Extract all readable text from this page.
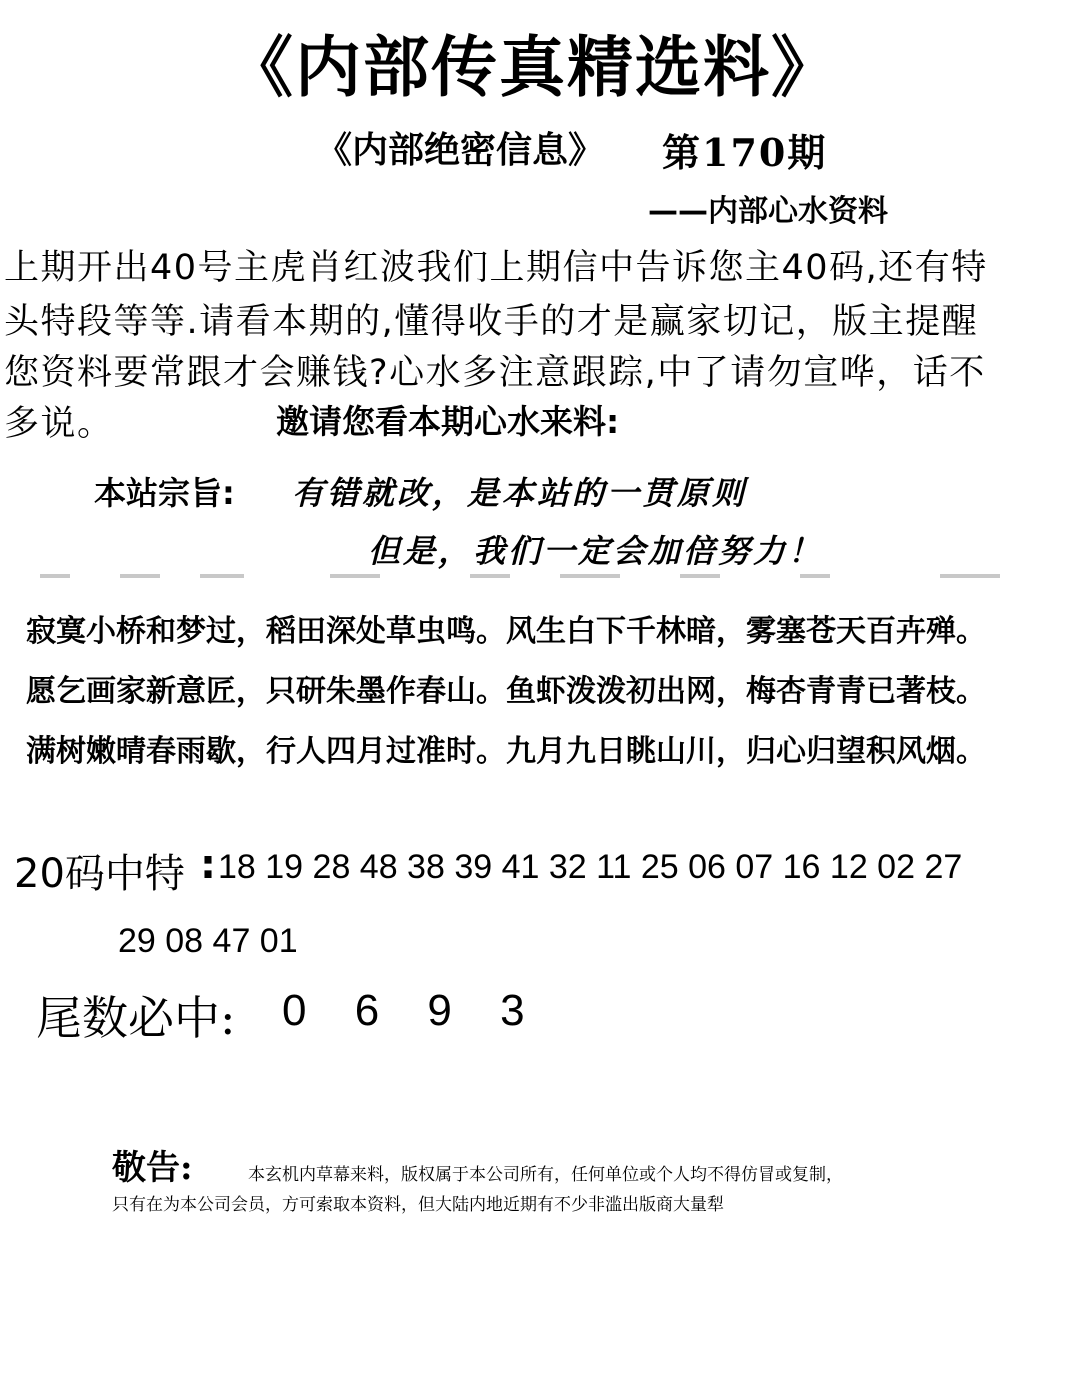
《内部传真精选料》
《内部绝密信息》 第170期
——内部心水资料
上期开出40号主虎肖红波我们上期信中告诉您主40码,还有特
头特段等等.请看本期的,懂得收手的才是赢家切记，版主提醒
您资料要常跟才会赚钱?心水多注意跟踪,中了请勿宣哗，话不
多说。	邀请您看本期心水来料:
本站宗旨: 有错就改，是本站的一贯原则
但是，我们一定会加倍努力！
寂寞小桥和梦过，稻田深处草虫鸣。风生白下千林暗，雾塞苍天百卉殚。
愿乞画家新意匠，只研朱墨作春山。鱼虾泼泼初出网，梅杏青青已著枝。
满树嫩晴春雨歇，行人四月过准时。九月九日眺山川，归心归望积风烟。
20码中特 : 18 19 28 48 38 39 41 32 11 25 06 07 16 12 02 27
29 08 47 01
尾数必中: 0 6 9 3
敬告:	本玄机内草幕来料，版权属于本公司所有，任何单位或个人均不得仿冒或复制，
只有在为本公司会员，方可索取本资料，但大陆内地近期有不少非滥出版商大量犁
